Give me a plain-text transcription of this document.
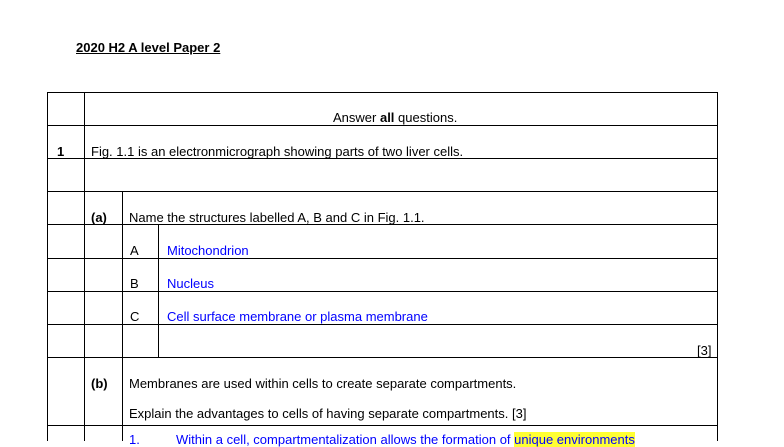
2020 H2 A level Paper 2
Answer all questions.
1 Fig. 1.1 is an electronmicrograph showing parts of two liver cells.
(a) Name the structures labelled A, B and C in Fig. 1.1.
A Mitochondrion
B Nucleus
C Cell surface membrane or plasma membrane
[3]
(b) Membranes are used within cells to create separate compartments.
Explain the advantages to cells of having separate compartments. [3]
1.	Within a cell, compartmentalization allows the formation of unique environments
